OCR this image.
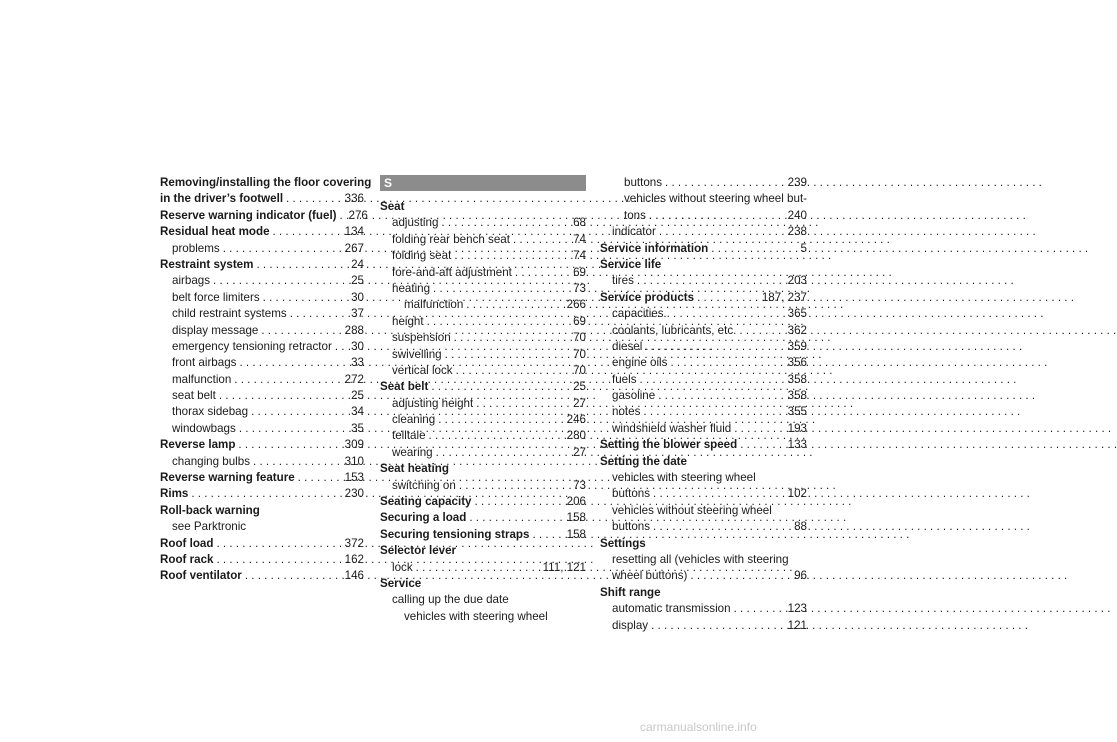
Removing/installing the floor covering
in the driver’s footwell . . .	336
Reserve warning indicator (fuel) . . . 276
Residual heat mode . . .	134
problems . . .	267
Restraint system . . .	24
airbags . . .	25
belt force limiters . . .	30
child restraint systems . . .	37
display message . . .	288
emergency tensioning retractor . . . 30
front airbags . . .	33
malfunction . . .	272
seat belt . . .	25
thorax sidebag . . .	34
windowbags . . .	35
Reverse lamp . . .	309
changing bulbs . . .	310
Reverse warning feature . . .	153
Rims . . .	230
Roll-back warning
see Parktronic
Roof load . . .	372
Roof rack . . .	162
Roof ventilator . . .	146
S
Seat
adjusting . . .	68
folding rear bench seat . . .	74
folding seat . . .	74
fore-and-aft adjustment . . .	69
heating . . .	73
malfunction . . .	266
height . . .	69
suspension . . .	70
swivelling . . .	70
vertical lock . . .	70
Seat belt . . .	25
adjusting height . . .	27
cleaning . . .	246
telltale . . .	280
wearing . . .	27
Seat heating
switching on . . .	73
Seating capacity . . .	206
Securing a load . . .	158
Securing tensioning straps . . .	158
Selector lever
lock . . .	111, 121
Service
calling up the due date
vehicles with steering wheel
buttons . . .	239
vehicles without steering wheel but-
tons . . .	240
indicator . . .	238
Service information . . .	5
Service life
tires . . .	203
Service products . . .	187, 237
capacities . . .	365
coolants, lubricants, etc. . . .	362
diesel . . .	359
engine oils . . .	356
fuels . . .	358
gasoline . . .	358
notes . . .	355
windshield washer fluid . . .	193
Setting the blower speed . . .	133
Setting the date
vehicles with steering wheel
buttons . . .	102
vehicles without steering wheel
buttons . . .	88
Settings
resetting all (vehicles with steering
wheel buttons) . . .	96
Shift range
automatic transmission . . .	123
display . . .	121
carmanualsonline.info
